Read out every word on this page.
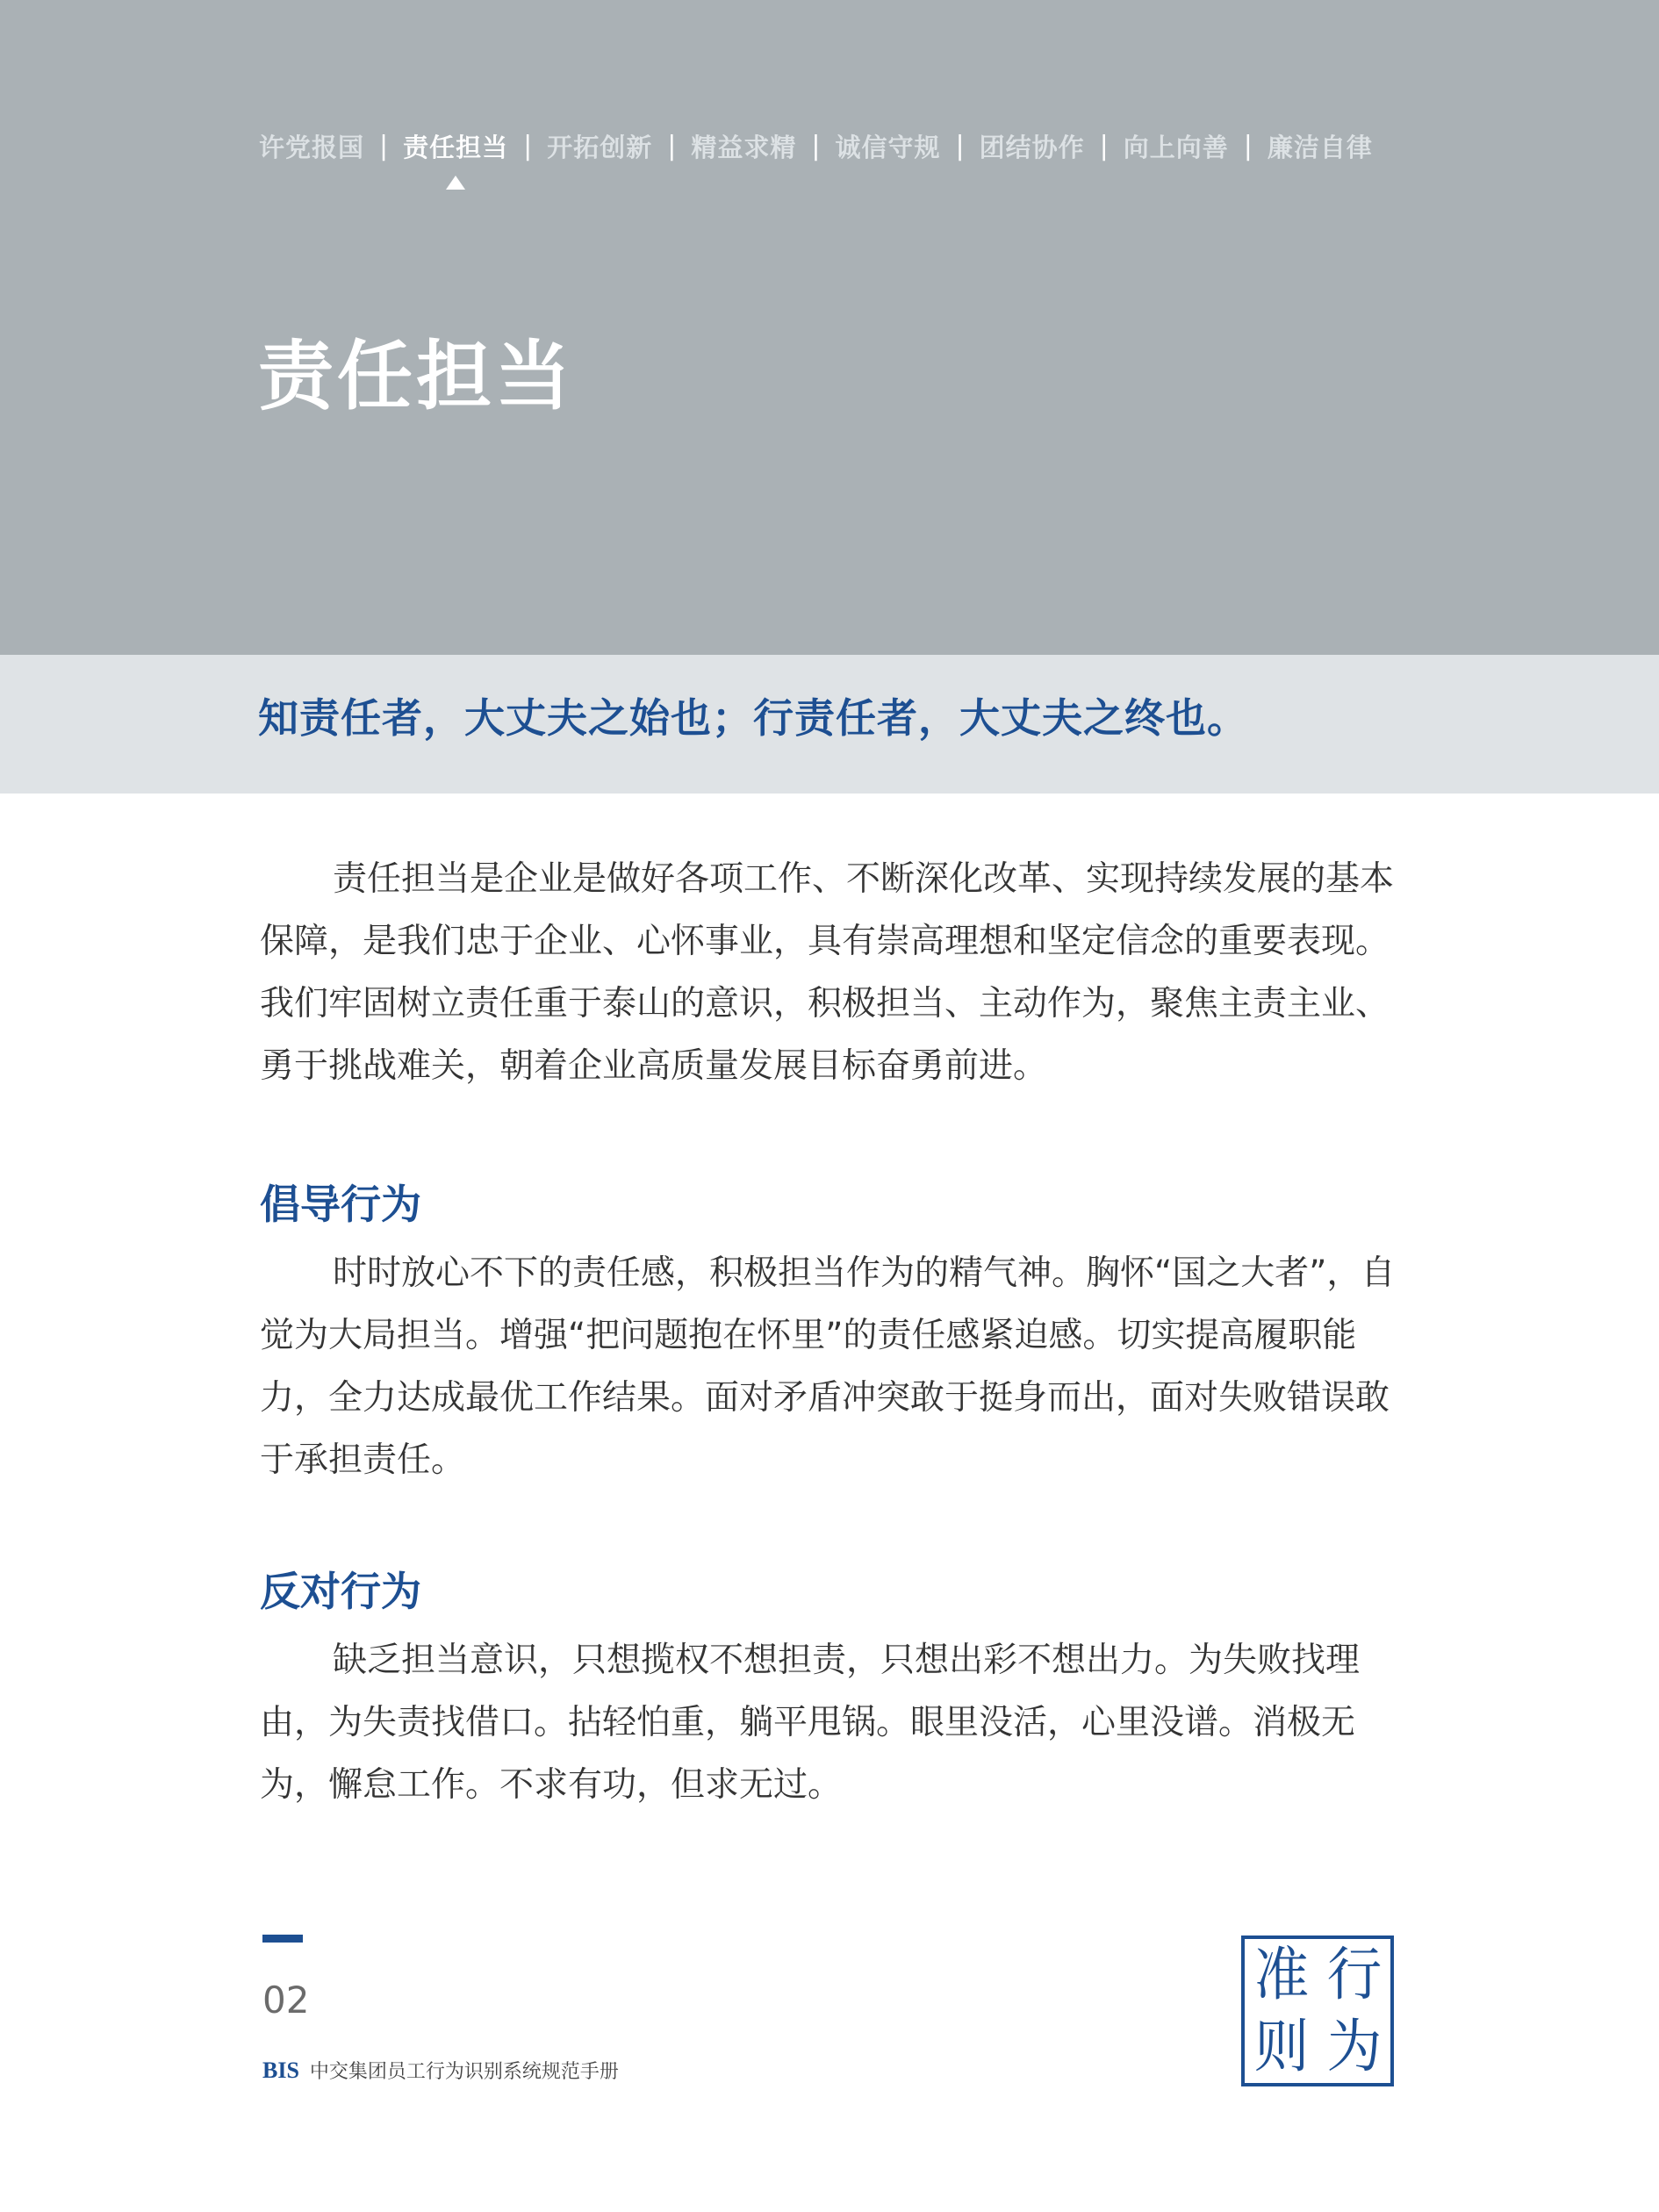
许党报国 | 责任担当 | 开拓创新 | 精益求精 | 诚信守规 | 团结协作 | 向上向善 | 廉洁自律
责任担当
知责任者，大丈夫之始也；行责任者，大丈夫之终也。

责任担当是企业是做好各项工作、不断深化改革、实现持续发展的基本保障，是我们忠于企业、心怀事业，具有崇高理想和坚定信念的重要表现。我们牢固树立责任重于泰山的意识，积极担当、主动作为，聚焦主责主业、勇于挑战难关，朝着企业高质量发展目标奋勇前进。

倡导行为

时时放心不下的责任感，积极担当作为的精气神。胸怀“国之大者”，自觉为大局担当。增强“把问题抱在怀里”的责任感紧迫感。切实提高履职能力，全力达成最优工作结果。面对矛盾冲突敢于挺身而出，面对失败错误敢于承担责任。

反对行为

缺乏担当意识，只想揽权不想担责，只想出彩不想出力。为失败找理由，为失责找借口。拈轻怕重，躺平甩锅。眼里没活，心里没谱。消极无为，懈怠工作。不求有功，但求无过。

02
BIS 中交集团员工行为识别系统规范手册
准 行
则 为
